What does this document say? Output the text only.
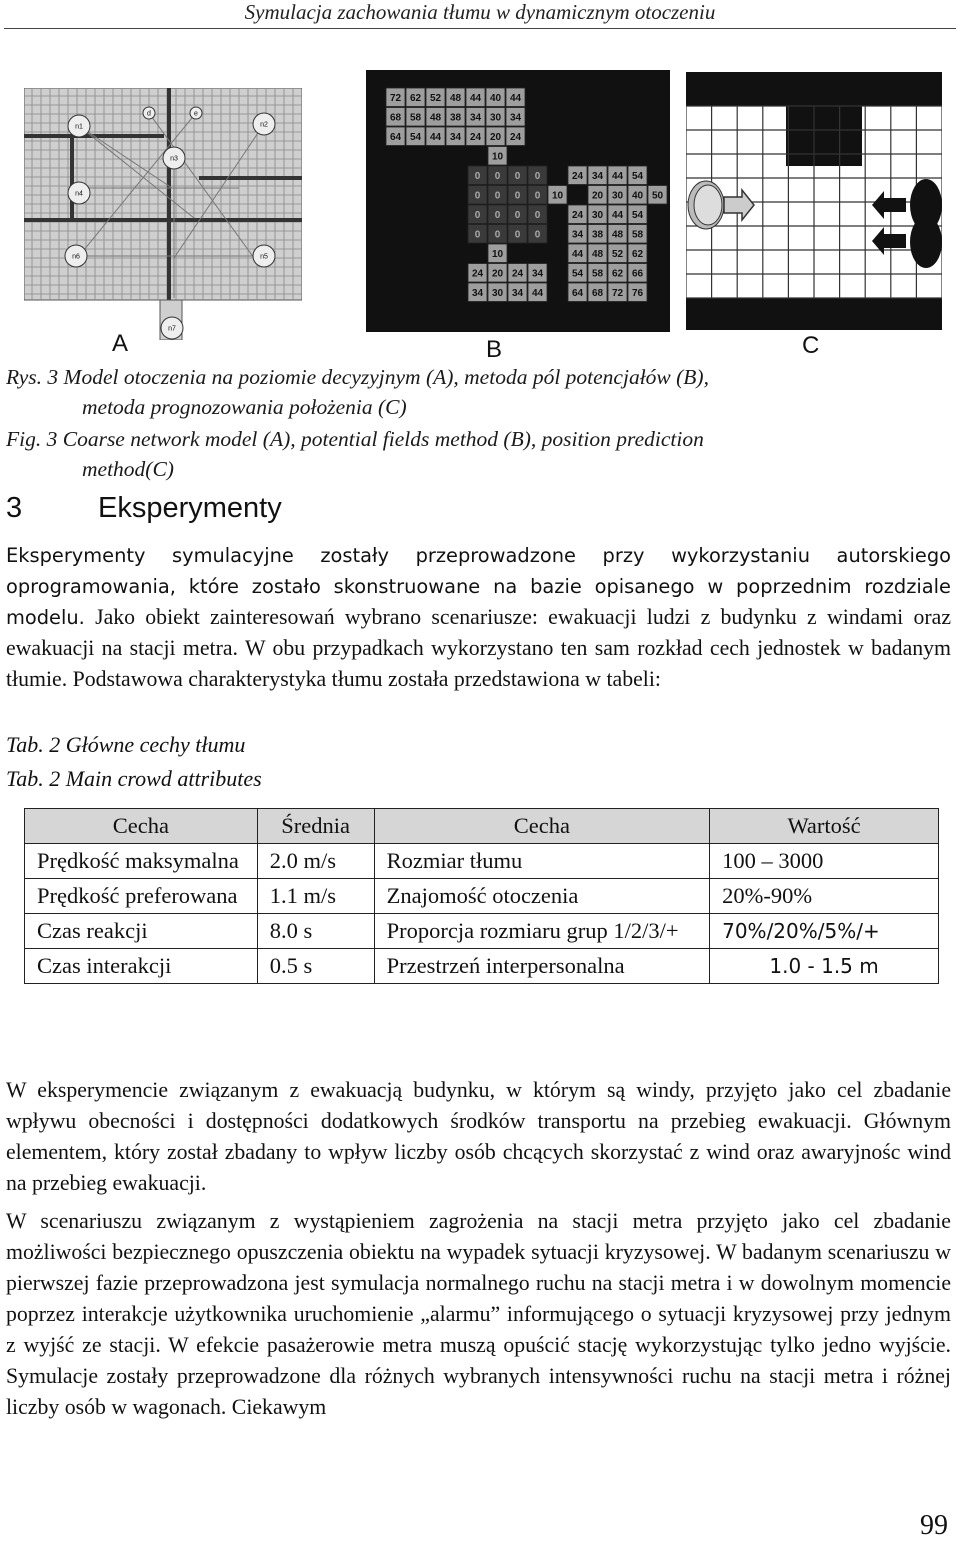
Symulacja zachowania tłumu w dynamicznym otoczeniu
n1	n2
n3
n4
n5
n6
n7
d	e
A
72 62 52 48 44 40 44
68 58 48 38 34 30 34
64 54 44 34 24 20 24
10
0 0 0 0	24 34 44 54
0 0 0 0 10	20 30 40 50
0 0 0 0	24 30 44 54
0 0 0 0	34 38 48 58
10	44 48 52 62
24 20 24 34	54 58 62 66
34 30 34 44	64 68 72 76
B	C
Rys. 3 Model otoczenia na poziomie decyzyjnym (A), metoda pól potencjałów (B),
metoda prognozowania położenia (C)
Fig. 3 Coarse network model (A), potential fields method (B), position prediction
method(C)
3	Eksperymenty
Eksperymenty symulacyjne zostały przeprowadzone przy wykorzystaniu autorskiego oprogramowania, które zostało skonstruowane na bazie opisanego w poprzednim rozdziale modelu. Jako obiekt zainteresowań wybrano scenariusze: ewakuacji ludzi z budynku z windami oraz ewakuacji na stacji metra. W obu przypadkach wykorzystano ten sam rozkład cech jednostek w badanym tłumie. Podstawowa charakterystyka tłumu została przedstawiona w tabeli:
Tab. 2 Główne cechy tłumu
Tab. 2 Main crowd attributes
Cecha	Średnia	Cecha	Wartość
Prędkość maksymalna	2.0 m/s	Rozmiar tłumu	100 – 3000
Prędkość preferowana	1.1 m/s	Znajomość otoczenia	20%-90%
Czas reakcji	8.0 s	Proporcja rozmiaru grup 1/2/3/+	70%/20%/5%/+
Czas interakcji	0.5 s	Przestrzeń interpersonalna	1.0 - 1.5 m
W eksperymencie związanym z ewakuacją budynku, w którym są windy, przyjęto jako cel zbadanie wpływu obecności i dostępności dodatkowych środków transportu na przebieg ewakuacji. Głównym elementem, który został zbadany to wpływ liczby osób chcących skorzystać z wind oraz awaryjnośc wind na przebieg ewakuacji.
W scenariuszu związanym z wystąpieniem zagrożenia na stacji metra przyjęto jako cel zbadanie możliwości bezpiecznego opuszczenia obiektu na wypadek sytuacji kryzysowej. W badanym scenariuszu w pierwszej fazie przeprowadzona jest symulacja normalnego ruchu na stacji metra i w dowolnym momencie poprzez interakcje użytkownika uruchomienie „alarmu” informującego o sytuacji kryzysowej przy jednym z wyjść ze stacji. W efekcie pasażerowie metra muszą opuścić stację wykorzystując tylko jedno wyjście. Symulacje zostały przeprowadzone dla różnych wybranych intensywności ruchu na stacji metra i różnej liczby osób w wagonach. Ciekawym
99
